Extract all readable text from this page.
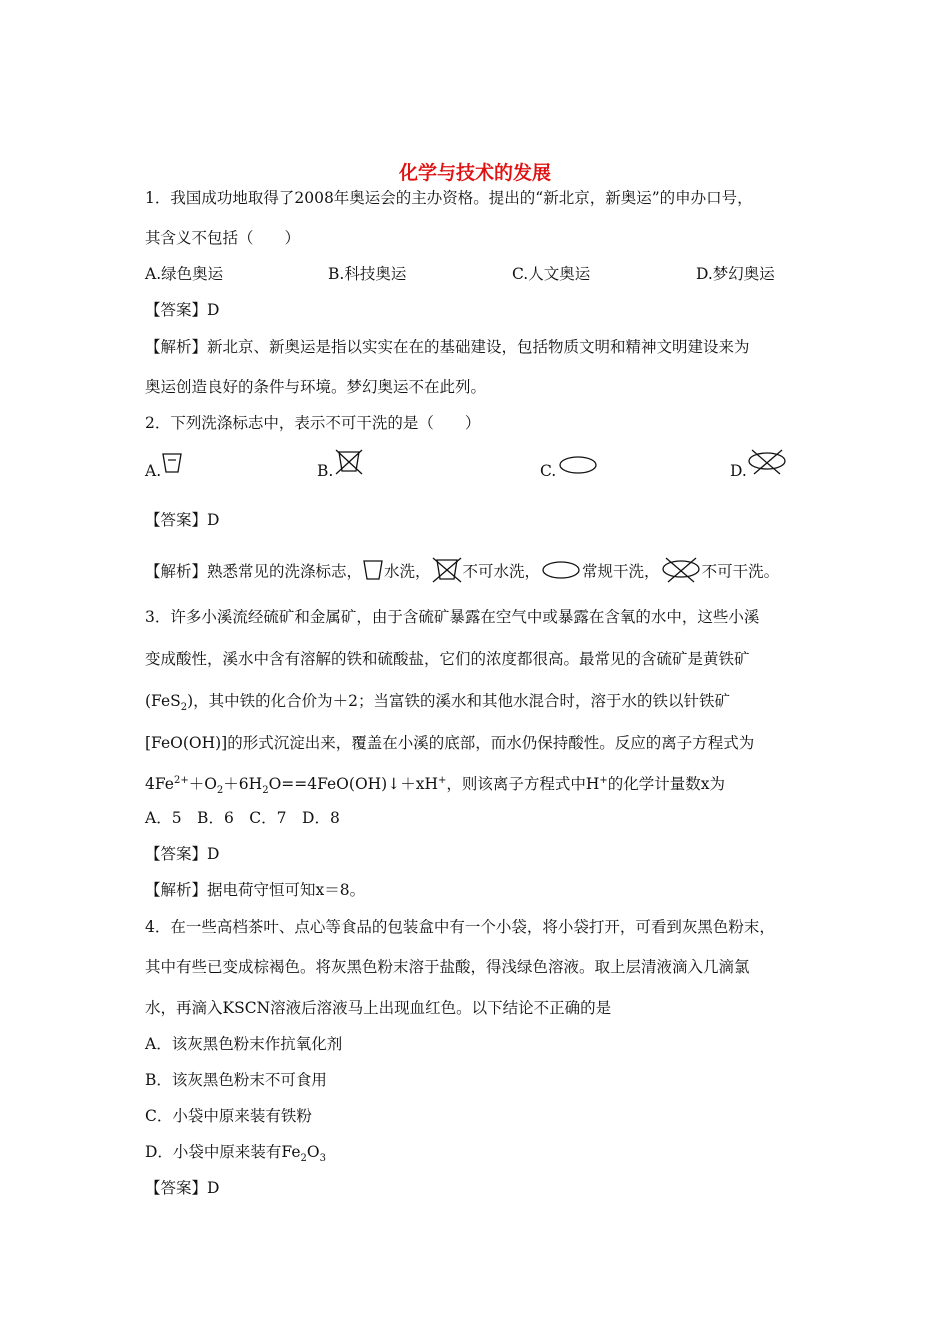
化学与技术的发展
1．我国成功地取得了2008年奥运会的主办资格。提出的“新北京，新奥运”的申办口号，
其含义不包括（　　）
A.绿色奥运	B.科技奥运	C.人文奥运	D.梦幻奥运
【答案】D
【解析】新北京、新奥运是指以实实在在的基础建设，包括物质文明和精神文明建设来为
奥运创造良好的条件与环境。梦幻奥运不在此列。
2．下列洗涤标志中，表示不可干洗的是（　　）
A.	B.	C.	D.
【答案】D
【解析】熟悉常见的洗涤标志， 水洗， 不可水洗，	常规干洗，	不可干洗。
3．许多小溪流经硫矿和金属矿，由于含硫矿暴露在空气中或暴露在含氧的水中，这些小溪
变成酸性，溪水中含有溶解的铁和硫酸盐，它们的浓度都很高。最常见的含硫矿是黄铁矿
(FeS$_2$)，其中铁的化合价为＋2；当富铁的溪水和其他水混合时，溶于水的铁以针铁矿
[FeO(OH)]的形式沉淀出来，覆盖在小溪的底部，而水仍保持酸性。反应的离子方程式为
$4Fe^{2+}+O_2+6H_2O==4FeO(OH)↓+xH^+$，则该离子方程式中H+的化学计量数x为
A．5　B．6　C．7　D．8
【答案】D
【解析】据电荷守恒可知x＝8。
4．在一些高档茶叶、点心等食品的包装盒中有一个小袋，将小袋打开，可看到灰黑色粉末，
其中有些已变成棕褐色。将灰黑色粉末溶于盐酸，得浅绿色溶液。取上层清液滴入几滴氯
水，再滴入KSCN溶液后溶液马上出现血红色。以下结论不正确的是
A．该灰黑色粉末作抗氧化剂
B．该灰黑色粉末不可食用
C．小袋中原来装有铁粉
D．小袋中原来装有$Fe_2O_3$
【答案】D
